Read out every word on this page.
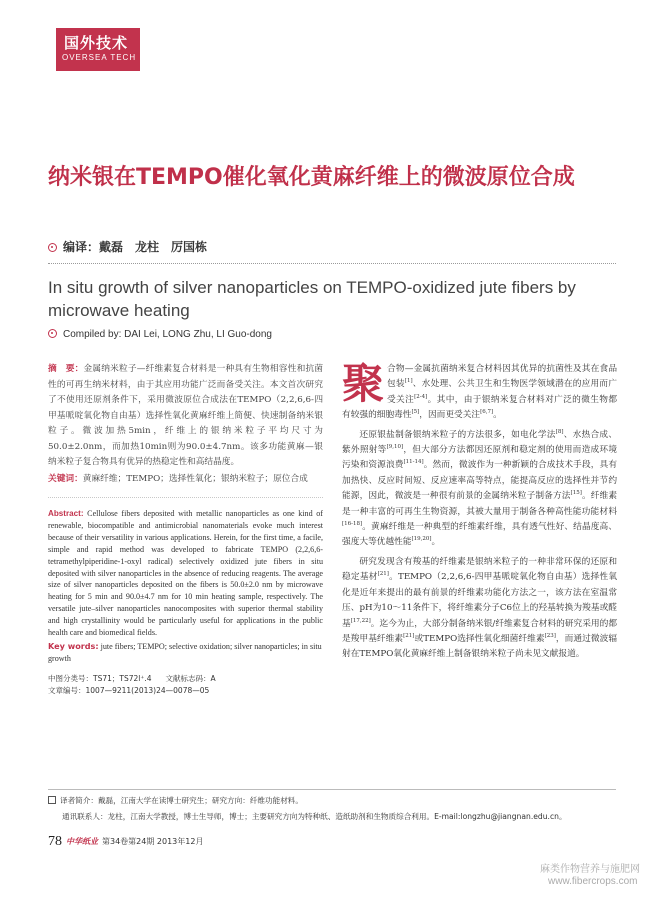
国外技术
OVERSEA TECH
纳米银在TEMPO催化氧化黄麻纤维上的微波原位合成
编译：戴磊　龙柱　厉国栋
In situ growth of silver nanoparticles on TEMPO-oxidized jute fibers by microwave heating
Compiled by: DAI Lei, LONG Zhu, LI Guo-dong
摘　要：金属纳米粒子—纤维素复合材料是一种具有生物相容性和抗菌性的可再生纳米材料，由于其应用功能广泛而备受关注。本文首次研究了不使用还原剂条件下，采用微波原位合成法在TEMPO（2,2,6,6-四甲基哌啶氧化物自由基）选择性氧化黄麻纤维上简便、快速制备纳米银粒子。微波加热5min，纤维上的银纳米粒子平均尺寸为50.0±2.0nm，而加热10min则为90.0±4.7nm。该多功能黄麻—银纳米粒子复合物具有优异的热稳定性和高结晶度。
关键词：黄麻纤维；TEMPO；选择性氧化；银纳米粒子；原位合成
Abstract: Cellulose fibers deposited with metallic nanoparticles as one kind of renewable, biocompatible and antimicrobial nanomaterials evoke much interest because of their versatility in various applications. Herein, for the first time, a facile, simple and rapid method was developed to fabricate TEMPO (2,2,6,6-tetramethylpiperidine-1-oxyl radical) selectively oxidized jute fibers in situ deposited with silver nanoparticles in the absence of reducing reagents. The average size of silver nanoparticles deposited on the fibers is 50.0±2.0 nm by microwave heating for 5 min and 90.0±4.7 nm for 10 min heating sample, respectively. The versatile jute–silver nanoparticles nanocomposites with superior thermal stability and high crystallinity would be particularly useful for applications in the public health care and biomedical fields.
Key words: jute fibers; TEMPO; selective oxidation; silver nanoparticles; in situ growth
中图分类号：TS71；TS72l⁺.4 文献标志码：A
文章编号：1007—9211(2013)24—0078—05

聚合物—金属抗菌纳米复合材料因其优异的抗菌性及其在食品包装[1]、水处理、公共卫生和生物医学领域潜在的应用而广受关注[2-4]。其中，由于银纳米复合材料对广泛的微生物都有较强的细胞毒性[5]，因而更受关注[6,7]。

还原银盐制备银纳米粒子的方法很多，如电化学法[8]、水热合成、紫外照射等[9,10]，但大部分方法都因还原剂和稳定剂的使用而造成环境污染和资源浪费[11-14]。然而，微波作为一种新颖的合成技术手段，具有加热快、反应时间短、反应速率高等特点，能提高反应的选择性并节约能源，因此，微波是一种很有前景的金属纳米粒子制备方法[15]。纤维素是一种丰富的可再生生物资源，其被大量用于制备各种高性能功能材料[16-18]。黄麻纤维是一种典型的纤维素纤维，具有透气性好、结晶度高、强度大等优越性能[19,20]。

研究发现含有羧基的纤维素是银纳米粒子的一种非常环保的还原和稳定基材[21]。TEMPO（2,2,6,6-四甲基哌啶氧化物自由基）选择性氧化是近年来提出的最有前景的纤维素功能化方法之一，该方法在室温常压、pH为10～11条件下，将纤维素分子C6位上的羟基转换为羧基或醛基[17,22]。迄今为止，大部分制备纳米银/纤维素复合材料的研究采用的都是羧甲基纤维素[21]或TEMPO选择性氧化细菌纤维素[23]，而通过微波辐射在TEMPO氧化黄麻纤维上制备银纳米粒子尚未见文献报道。

译者简介：戴磊，江南大学在读博士研究生；研究方向：纤维功能材料。
通讯联系人：龙柱，江南大学教授，博士生导师，博士；主要研究方向为特种纸、造纸助剂和生物质综合利用。E-mail:longzhu@jiangnan.edu.cn。
78 中华纸业 第34卷第24期 2013年12月
麻类作物营养与施肥网
www.fibercrops.com
